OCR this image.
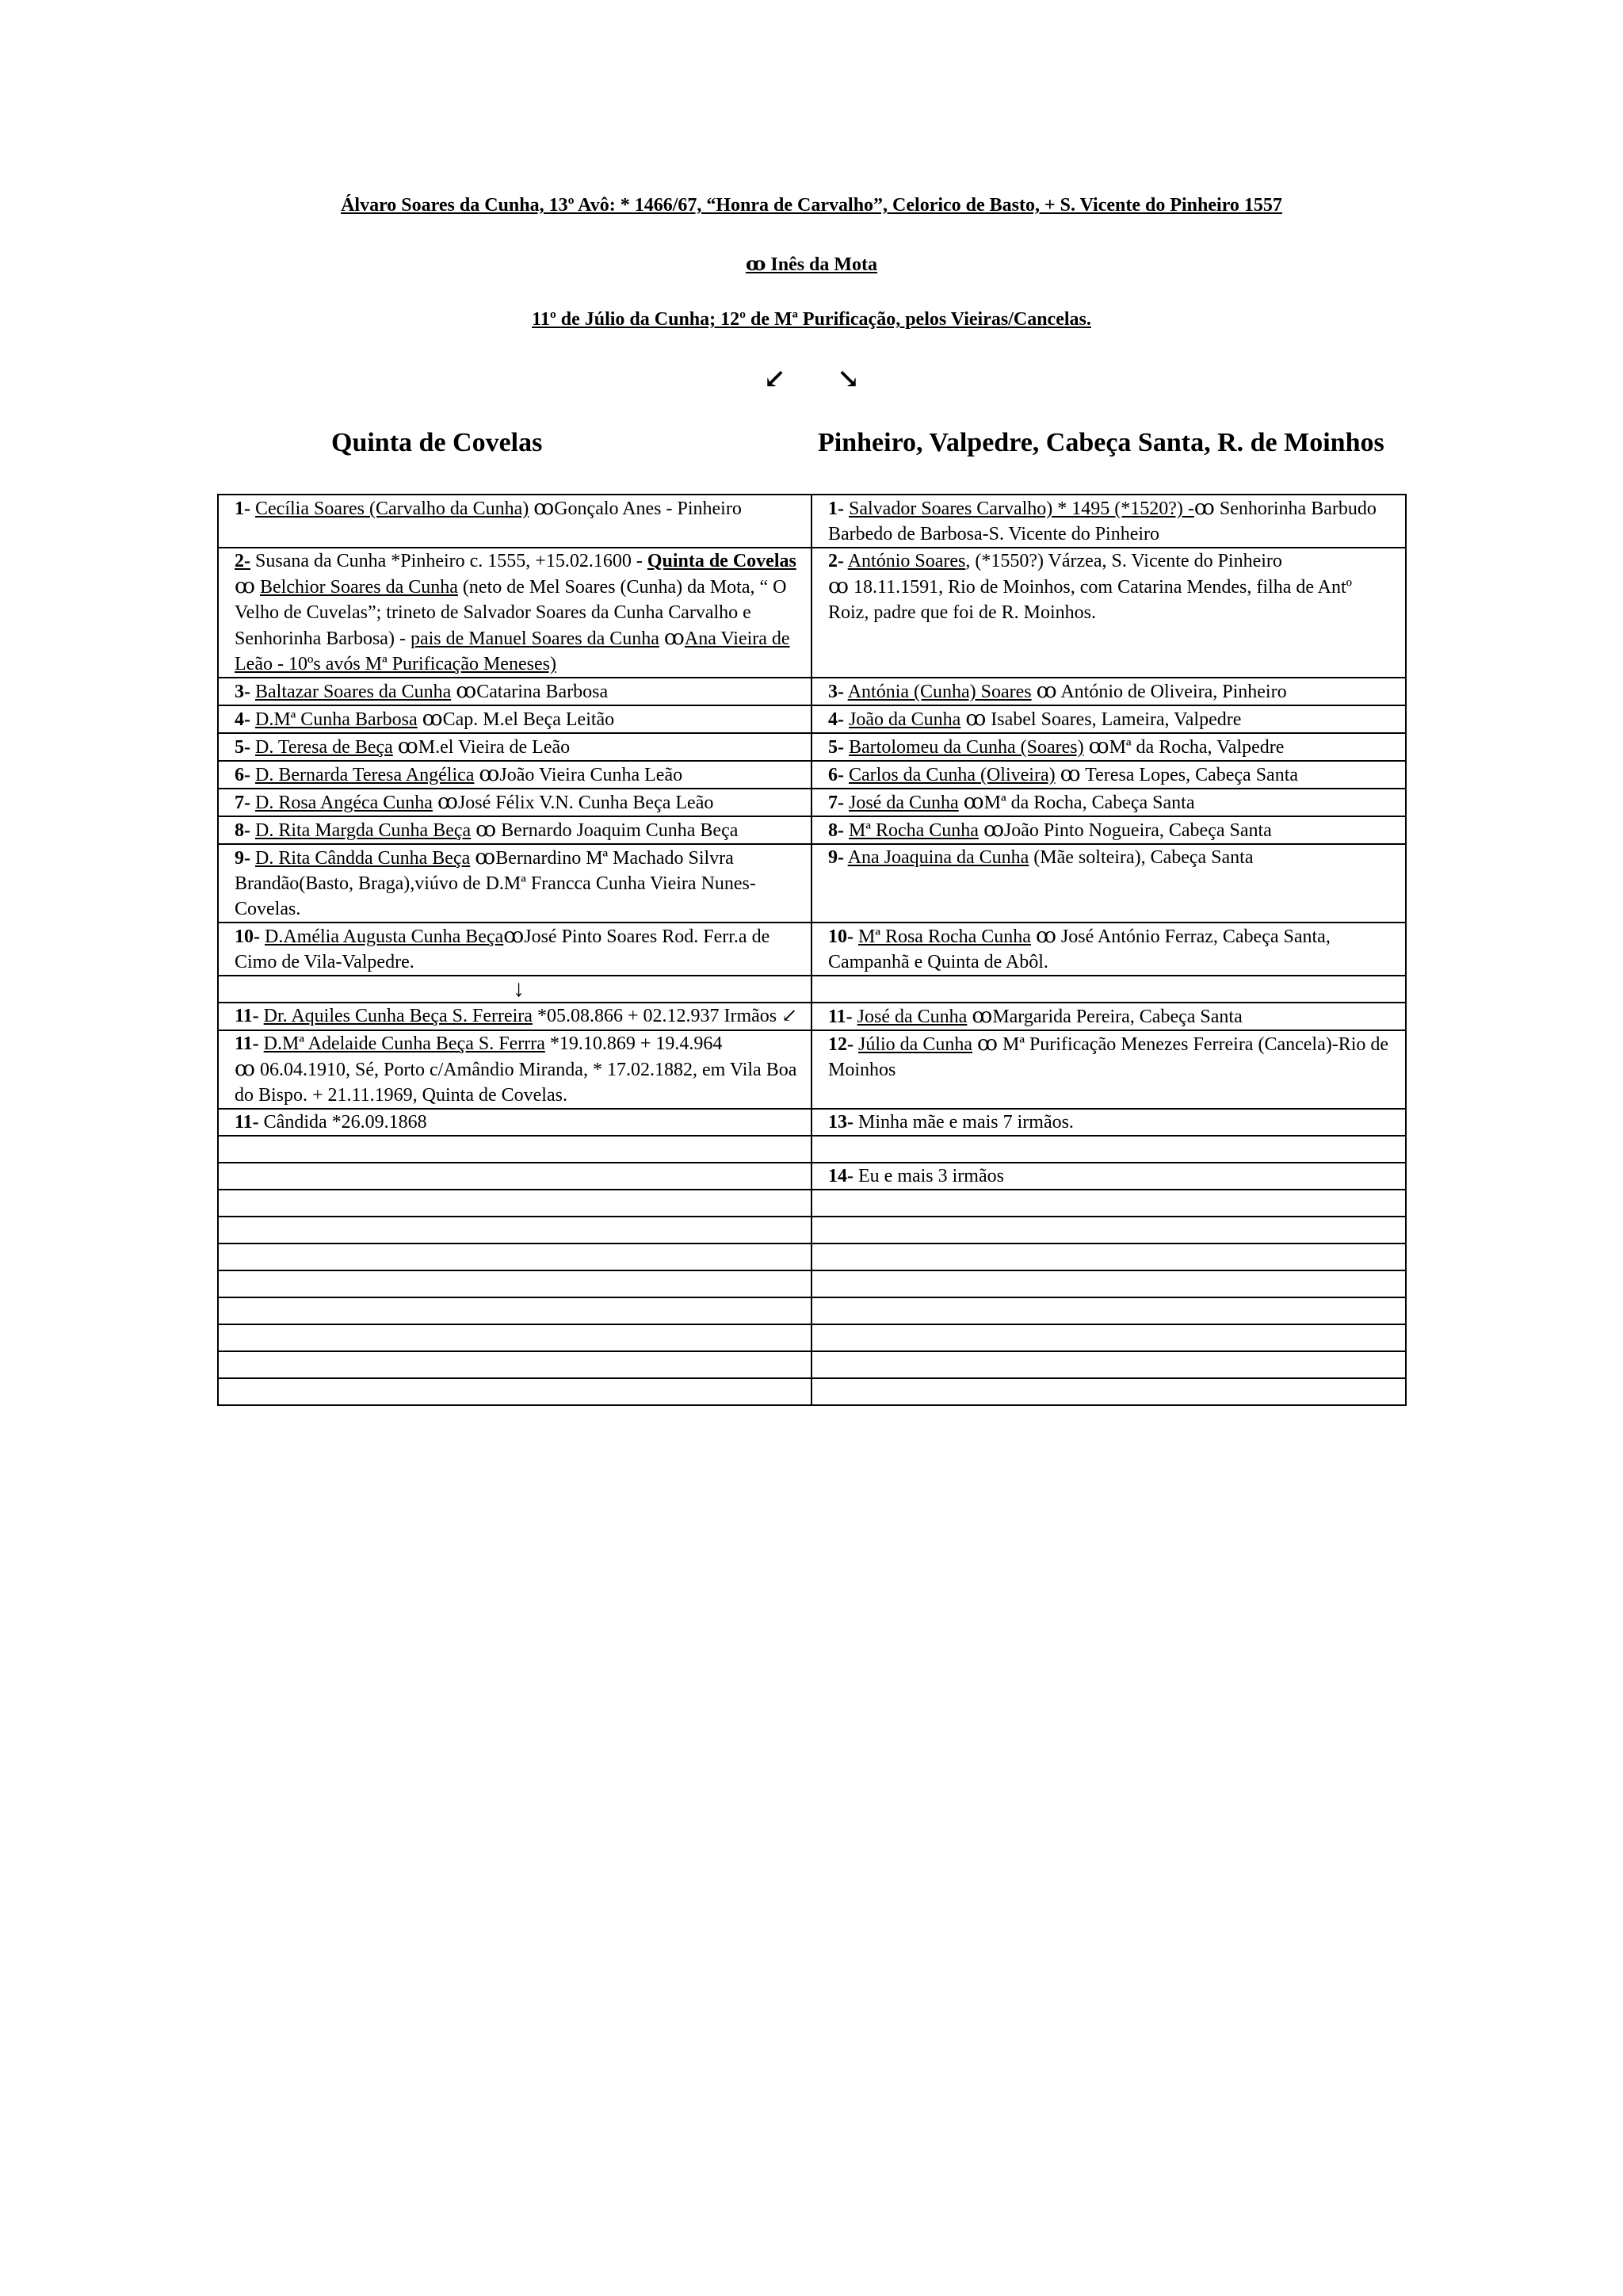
Álvaro Soares da Cunha, 13º Avô: * 1466/67, “Honra de Carvalho”, Celorico de Basto, + S. Vicente do Pinheiro 1557
ꝏ Inês da Mota
11º de Júlio da Cunha; 12º de Mª Purificação, pelos Vieiras/Cancelas.
↙ ↘
Quinta de Covelas	Pinheiro, Valpedre, Cabeça Santa, R. de Moinhos
1- Cecília Soares (Carvalho da Cunha) ꝏGonçalo Anes - Pinheiro	1- Salvador Soares Carvalho) * 1495 (*1520?) -ꝏ Senhorinha Barbudo Barbedo de Barbosa-S. Vicente do Pinheiro
2- Susana da Cunha *Pinheiro c. 1555, +15.02.1600 - Quinta de Covelas ꝏ Belchior Soares da Cunha (neto de Mel Soares (Cunha) da Mota, “ O Velho de Cuvelas”; trineto de Salvador Soares da Cunha Carvalho e Senhorinha Barbosa) - pais de Manuel Soares da Cunha ꝏAna Vieira de Leão - 10ºs avós Mª Purificação Meneses)	2- António Soares, (*1550?) Várzea, S. Vicente do Pinheiro
ꝏ 18.11.1591, Rio de Moinhos, com Catarina Mendes, filha de Antº Roiz, padre que foi de R. Moinhos.
3- Baltazar Soares da Cunha ꝏCatarina Barbosa	3- Antónia (Cunha) Soares ꝏ António de Oliveira, Pinheiro
4- D.Mª Cunha Barbosa ꝏCap. M.el Beça Leitão	4- João da Cunha ꝏ Isabel Soares, Lameira, Valpedre
5- D. Teresa de Beça ꝏM.el Vieira de Leão	5- Bartolomeu da Cunha (Soares) ꝏMª da Rocha, Valpedre
6- D. Bernarda Teresa Angélica ꝏJoão Vieira Cunha Leão	6- Carlos da Cunha (Oliveira) ꝏ Teresa Lopes, Cabeça Santa
7- D. Rosa Angéca Cunha ꝏJosé Félix V.N. Cunha Beça Leão	7- José da Cunha ꝏMª da Rocha, Cabeça Santa
8- D. Rita Margda Cunha Beça ꝏ Bernardo Joaquim Cunha Beça	8- Mª Rocha Cunha ꝏJoão Pinto Nogueira, Cabeça Santa
9- D. Rita Cândda Cunha Beça ꝏBernardino Mª Machado Silvra Brandão(Basto, Braga),viúvo de D.Mª Francca Cunha Vieira Nunes-Covelas.	9- Ana Joaquina da Cunha (Mãe solteira), Cabeça Santa
10- D.Amélia Augusta Cunha BeçaꝏJosé Pinto Soares Rod. Ferr.a de Cimo de Vila-Valpedre.	10- Mª Rosa Rocha Cunha ꝏ José António Ferraz, Cabeça Santa, Campanhã e Quinta de Abôl.
↓	
11- Dr. Aquiles Cunha Beça S. Ferreira *05.08.866 + 02.12.937 Irmãos ↙	11- José da Cunha ꝏMargarida Pereira, Cabeça Santa
11- D.Mª Adelaide Cunha Beça S. Ferrra *19.10.869 + 19.4.964
ꝏ 06.04.1910, Sé, Porto c/Amândio Miranda, * 17.02.1882, em Vila Boa do Bispo. + 21.11.1969, Quinta de Covelas.	12- Júlio da Cunha ꝏ Mª Purificação Menezes Ferreira (Cancela)-Rio de Moinhos
11- Cândida *26.09.1868	13- Minha mãe e mais 7 irmãos.

	14- Eu e mais 3 irmãos
